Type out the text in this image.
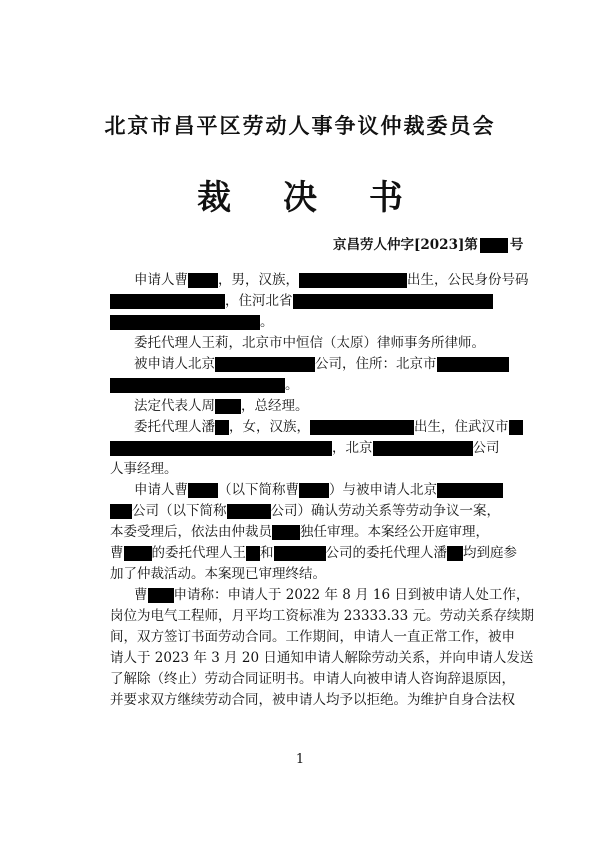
北京市昌平区劳动人事争议仲裁委员会
裁 决 书
京昌劳人仲字[2023]第 号
申请人曹 ，男，汉族，	出生，公民身份号码
，住河北省
。
委托代理人王莉，北京市中恒信（太原）律师事务所律师。
被申请人北京	公司，住所：北京市
。
法定代表人周 ，总经理。
委托代理人潘 ，女，汉族，	出生，住武汉市
，北京	公司
人事经理。
申请人曹 （以下简称曹 ）与被申请人北京
公司（以下简称	公司）确认劳动关系等劳动争议一案，
本委受理后，依法由仲裁员 独任审理。本案经公开庭审理，
曹 的委托代理人王 和	公司的委托代理人潘 均到庭参
加了仲裁活动。本案现已审理终结。
曹 申请称：申请人于 2022 年 8 月 16 日到被申请人处工作，
岗位为电气工程师，月平均工资标准为 23333.33 元。劳动关系存续期
间，双方签订书面劳动合同。工作期间，申请人一直正常工作，被申
请人于 2023 年 3 月 20 日通知申请人解除劳动关系，并向申请人发送
了解除（终止）劳动合同证明书。申请人向被申请人咨询辞退原因，
并要求双方继续劳动合同，被申请人均予以拒绝。为维护自身合法权
1
